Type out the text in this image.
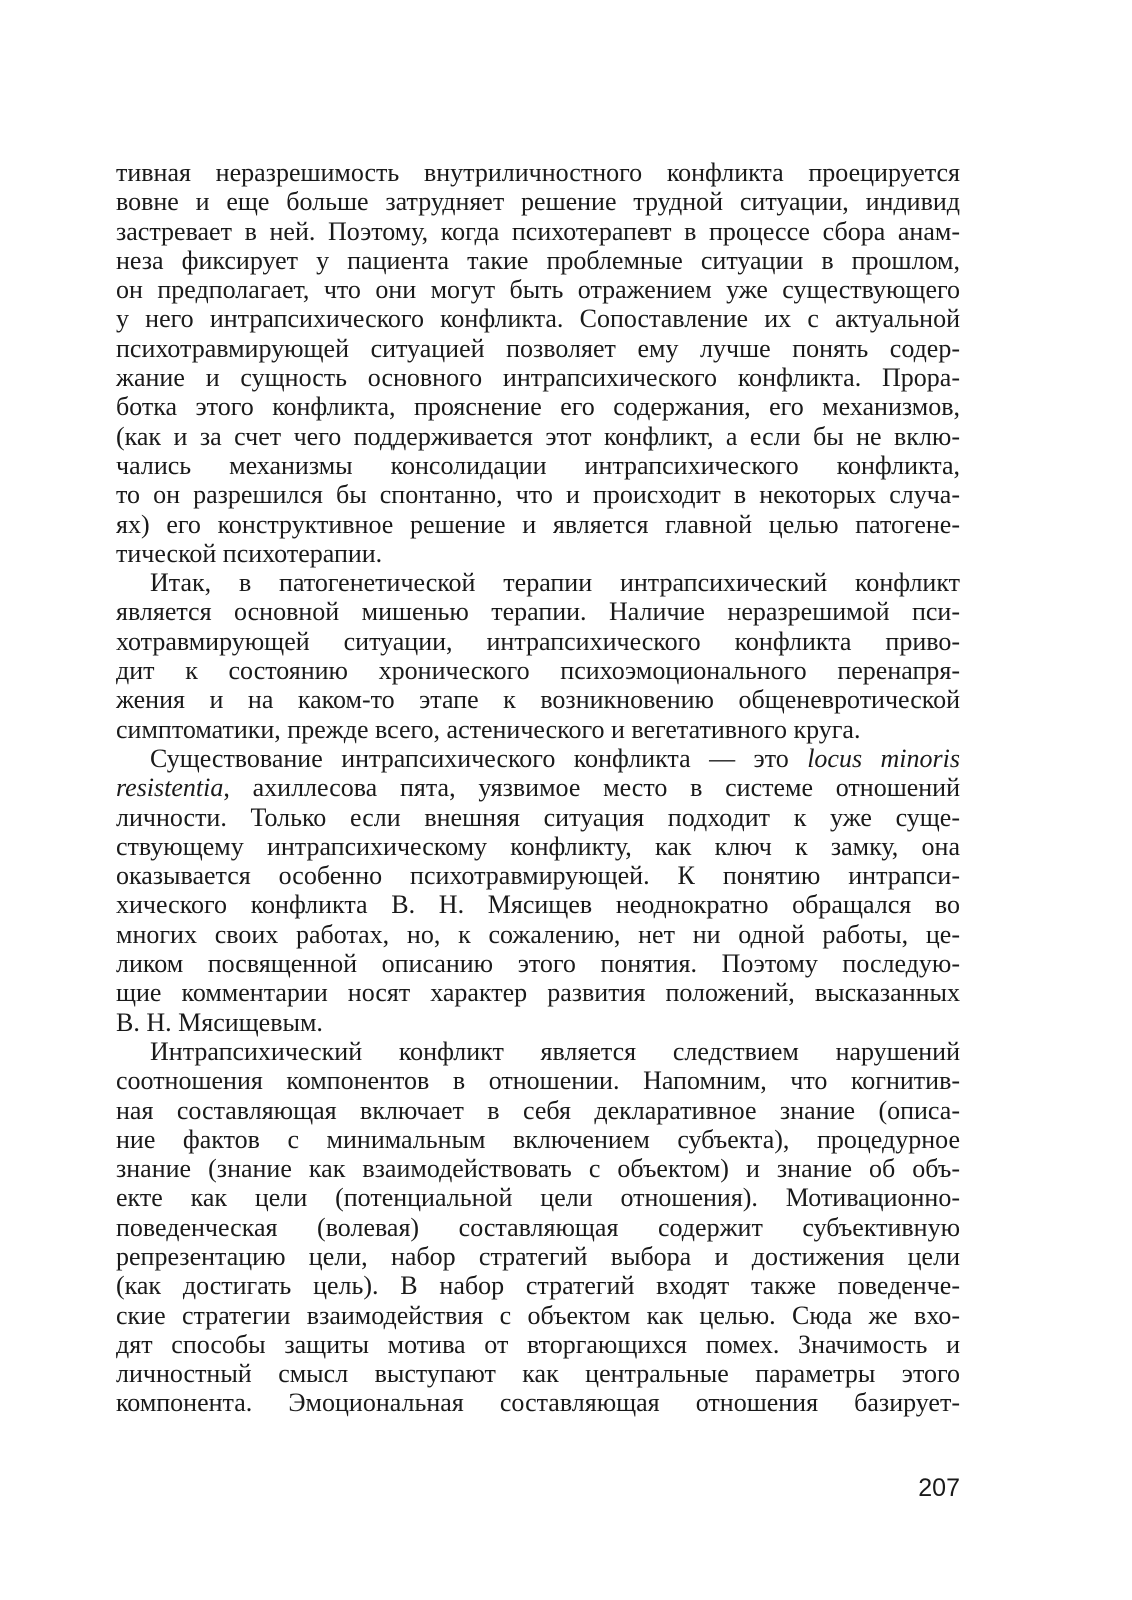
тивная неразрешимость внутриличностного конфликта проецируется
вовне и еще больше затрудняет решение трудной ситуации, индивид
застревает в ней. Поэтому, когда психотерапевт в процессе сбора анам-
неза фиксирует у пациента такие проблемные ситуации в прошлом,
он предполагает, что они могут быть отражением уже существующего
у него интрапсихического конфликта. Сопоставление их с актуальной
психотравмирующей ситуацией позволяет ему лучше понять содер-
жание и сущность основного интрапсихического конфликта. Прора-
ботка этого конфликта, прояснение его содержания, его механизмов,
(как и за счет чего поддерживается этот конфликт, а если бы не вклю-
чались механизмы консолидации интрапсихического конфликта,
то он разрешился бы спонтанно, что и происходит в некоторых случа-
ях) его конструктивное решение и является главной целью патогене-
тической психотерапии.
Итак, в патогенетической терапии интрапсихический конфликт
является основной мишенью терапии. Наличие неразрешимой пси-
хотравмирующей ситуации, интрапсихического конфликта приво-
дит к состоянию хронического психоэмоционального перенапря-
жения и на каком-то этапе к возникновению общеневротической
симптоматики, прежде всего, астенического и вегетативного круга.
Существование интрапсихического конфликта — это locus minoris
resistentia, ахиллесова пята, уязвимое место в системе отношений
личности. Только если внешняя ситуация подходит к уже суще-
ствующему интрапсихическому конфликту, как ключ к замку, она
оказывается особенно психотравмирующей. К понятию интрапси-
хического конфликта В. Н. Мясищев неоднократно обращался во
многих своих работах, но, к сожалению, нет ни одной работы, це-
ликом посвященной описанию этого понятия. Поэтому последую-
щие комментарии носят характер развития положений, высказанных
В. Н. Мясищевым.
Интрапсихический конфликт является следствием нарушений
соотношения компонентов в отношении. Напомним, что когнитив-
ная составляющая включает в себя декларативное знание (описа-
ние фактов с минимальным включением субъекта), процедурное
знание (знание как взаимодействовать с объектом) и знание об объ-
екте как цели (потенциальной цели отношения). Мотивационно-
поведенческая (волевая) составляющая содержит субъективную
репрезентацию цели, набор стратегий выбора и достижения цели
(как достигать цель). В набор стратегий входят также поведенче-
ские стратегии взаимодействия с объектом как целью. Сюда же вхо-
дят способы защиты мотива от вторгающихся помех. Значимость и
личностный смысл выступают как центральные параметры этого
компонента. Эмоциональная составляющая отношения базирует-
207
